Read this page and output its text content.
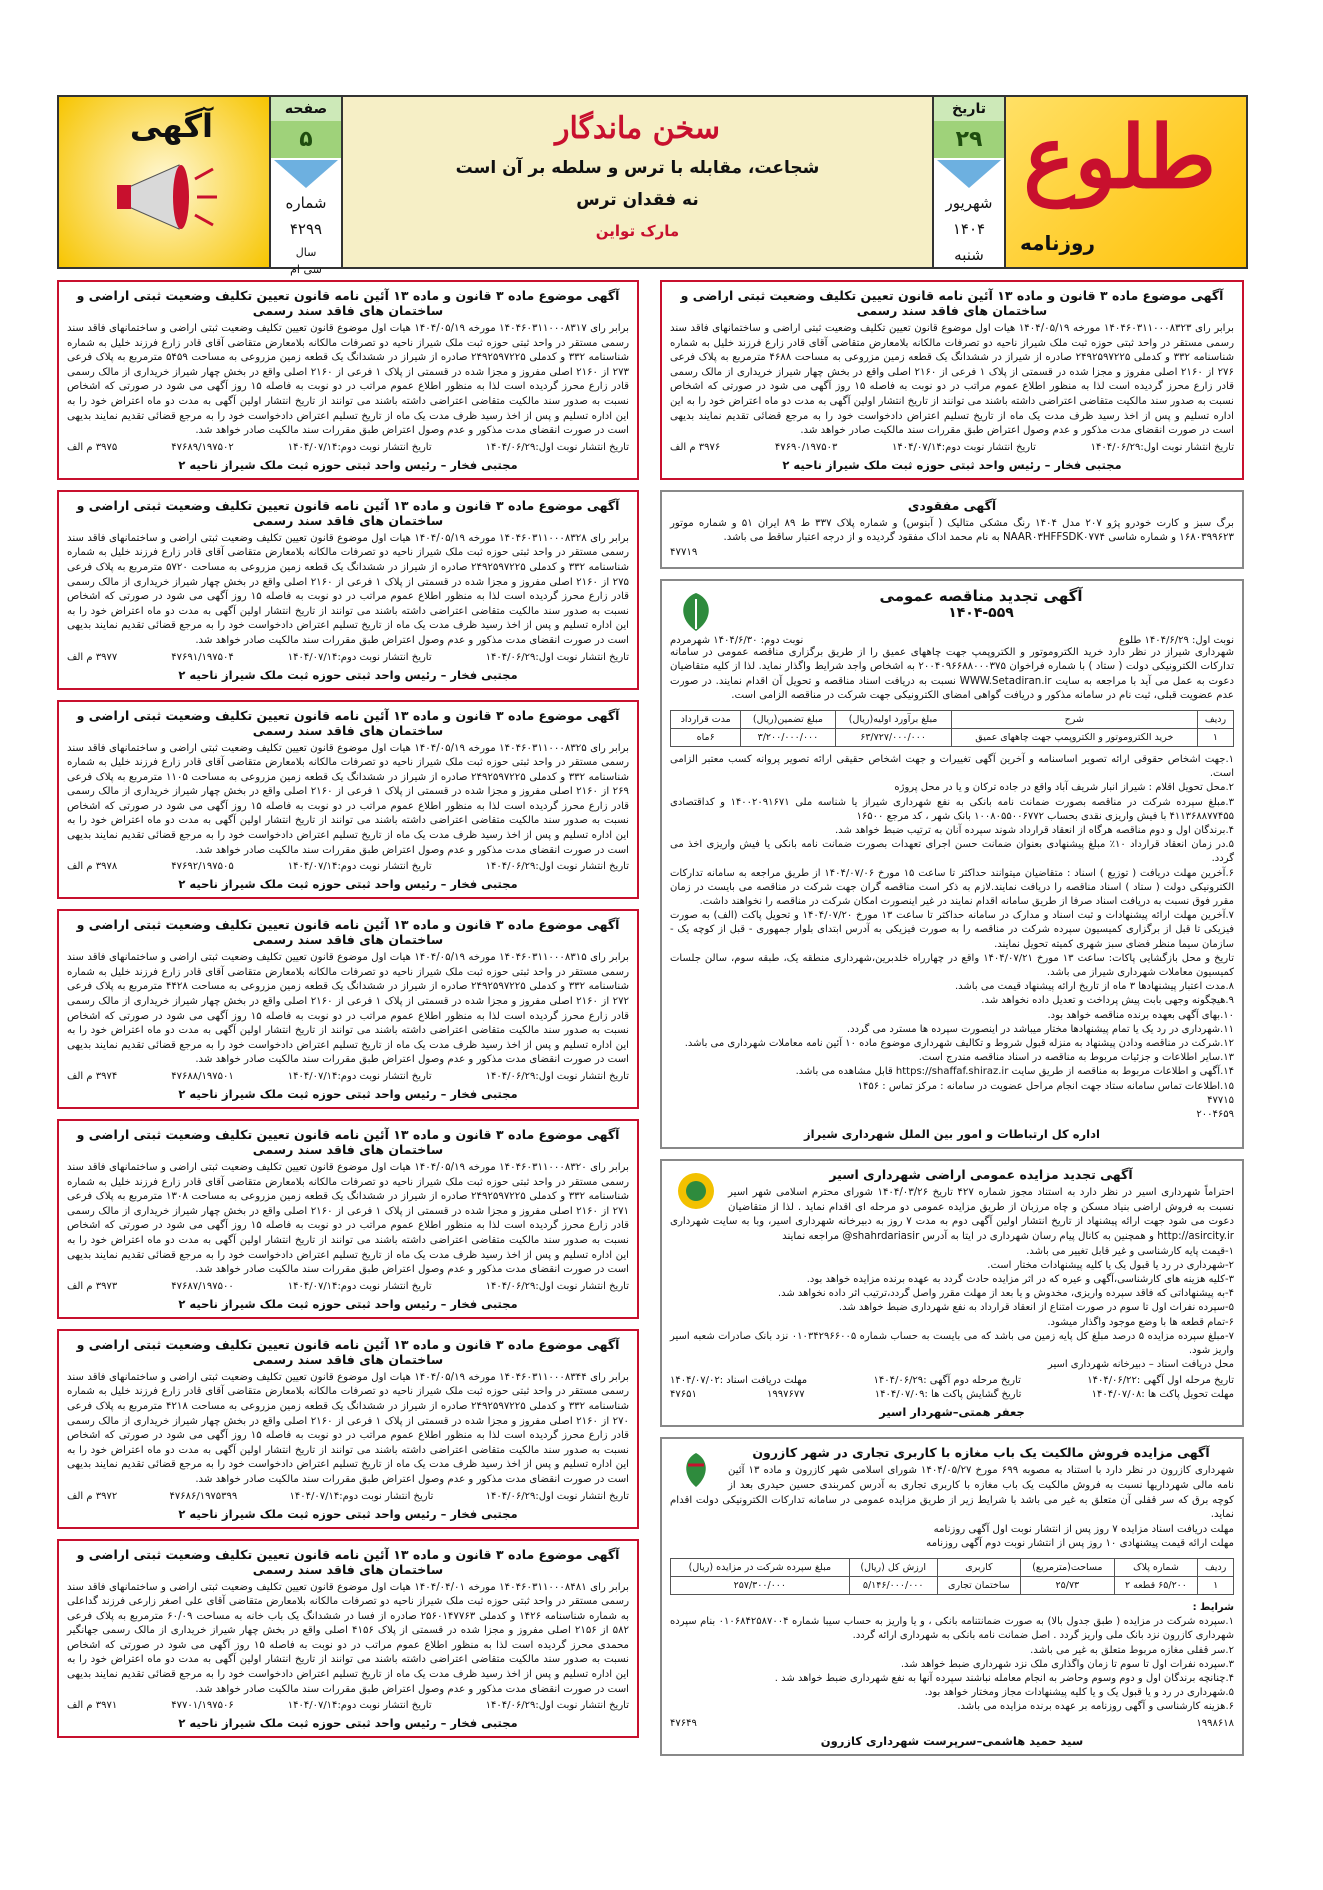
طلوع
روزنامه
تاریخ
۲۹
شهریور
۱۴۰۴
شنبه
سخن ماندگار
شجاعت، مقابله با ترس و سلطه بر آن است
نه فقدان ترس
مارک تواین
صفحه
۵
شماره
۴۲۹۹
سال
سی ام
آگهی
آگهی موضوع ماده ۳ قانون و ماده ۱۳ آئین نامه قانون تعیین تکلیف وضعیت ثبتی اراضی و ساختمان های فاقد سند رسمی
برابر رای ۱۴۰۴۶۰۳۱۱۰۰۰۸۳۱۷ مورخه ۱۴۰۴/۰۵/۱۹ هیات اول موضوع قانون تعیین تکلیف وضعیت ثبتی اراضی و ساختمانهای فاقد سند رسمی مستقر در واحد ثبتی حوزه ثبت ملک شیراز ناحیه دو تصرفات مالکانه بلامعارض متقاضی آقای قادر زارع فرزند خلیل به شماره شناسنامه ۳۳۲ و کدملی ۲۴۹۲۵۹۷۲۲۵ صادره از شیراز در ششدانگ یک قطعه زمین مزروعی به مساحت ۵۴۵۹ مترمربع به پلاک فرعی ۲۷۳ از ۲۱۶۰ اصلی مفروز و مجزا شده در قسمتی از پلاک ۱ فرعی از ۲۱۶۰ اصلی واقع در بخش چهار شیراز خریداری از مالک رسمی قادر زارع محرز گردیده است لذا به منظور اطلاع عموم مراتب در دو نوبت به فاصله ۱۵ روز آگهی می شود در صورتی که اشخاص نسبت به صدور سند مالکیت متقاضی اعتراضی داشته باشند می توانند از تاریخ انتشار اولین آگهی به مدت دو ماه اعتراض خود را به این اداره تسلیم و پس از اخذ رسید ظرف مدت یک ماه از تاریخ تسلیم اعتراض دادخواست خود را به مرجع قضائی تقدیم نمایند بدیهی است در صورت انقضای مدت مذکور و عدم وصول اعتراض طبق مقررات سند مالکیت صادر خواهد شد.
تاریخ انتشار نوبت اول:۱۴۰۴/۰۶/۲۹
تاریخ انتشار نوبت دوم:۱۴۰۴/۰۷/۱۴
۴۷۶۸۹/۱۹۷۵۰۲
۳۹۷۵ م الف
مجتبی فخار – رئیس واحد ثبتی حوزه ثبت ملک شیراز ناحیه ۲
آگهی موضوع ماده ۳ قانون و ماده ۱۳ آئین نامه قانون تعیین تکلیف وضعیت ثبتی اراضی و ساختمان های فاقد سند رسمی
برابر رای ۱۴۰۴۶۰۳۱۱۰۰۰۸۳۲۸ مورخه ۱۴۰۴/۰۵/۱۹ هیات اول موضوع قانون تعیین تکلیف وضعیت ثبتی اراضی و ساختمانهای فاقد سند رسمی مستقر در واحد ثبتی حوزه ثبت ملک شیراز ناحیه دو تصرفات مالکانه بلامعارض متقاضی آقای قادر زارع فرزند خلیل به شماره شناسنامه ۳۳۲ و کدملی ۲۴۹۲۵۹۷۲۲۵ صادره از شیراز در ششدانگ یک قطعه زمین مزروعی به مساحت ۵۷۲۰ مترمربع به پلاک فرعی ۲۷۵ از ۲۱۶۰ اصلی مفروز و مجزا شده در قسمتی از پلاک ۱ فرعی از ۲۱۶۰ اصلی واقع در بخش چهار شیراز خریداری از مالک رسمی قادر زارع محرز گردیده است لذا به منظور اطلاع عموم مراتب در دو نوبت به فاصله ۱۵ روز آگهی می شود در صورتی که اشخاص نسبت به صدور سند مالکیت متقاضی اعتراضی داشته باشند می توانند از تاریخ انتشار اولین آگهی به مدت دو ماه اعتراض خود را به این اداره تسلیم و پس از اخذ رسید ظرف مدت یک ماه از تاریخ تسلیم اعتراض دادخواست خود را به مرجع قضائی تقدیم نمایند بدیهی است در صورت انقضای مدت مذکور و عدم وصول اعتراض طبق مقررات سند مالکیت صادر خواهد شد.
تاریخ انتشار نوبت اول:۱۴۰۴/۰۶/۲۹
تاریخ انتشار نوبت دوم:۱۴۰۴/۰۷/۱۴
۴۷۶۹۱/۱۹۷۵۰۴
۳۹۷۷ م الف
مجتبی فخار – رئیس واحد ثبتی حوزه ثبت ملک شیراز ناحیه ۲
آگهی موضوع ماده ۳ قانون و ماده ۱۳ آئین نامه قانون تعیین تکلیف وضعیت ثبتی اراضی و ساختمان های فاقد سند رسمی
برابر رای ۱۴۰۴۶۰۳۱۱۰۰۰۸۳۲۵ مورخه ۱۴۰۴/۰۵/۱۹ هیات اول موضوع قانون تعیین تکلیف وضعیت ثبتی اراضی و ساختمانهای فاقد سند رسمی مستقر در واحد ثبتی حوزه ثبت ملک شیراز ناحیه دو تصرفات مالکانه بلامعارض متقاضی آقای قادر زارع فرزند خلیل به شماره شناسنامه ۳۳۲ و کدملی ۲۴۹۲۵۹۷۲۲۵ صادره از شیراز در ششدانگ یک قطعه زمین مزروعی به مساحت ۱۱۰۵ مترمربع به پلاک فرعی ۲۶۹ از ۲۱۶۰ اصلی مفروز و مجزا شده در قسمتی از پلاک ۱ فرعی از ۲۱۶۰ اصلی واقع در بخش چهار شیراز خریداری از مالک رسمی قادر زارع محرز گردیده است لذا به منظور اطلاع عموم مراتب در دو نوبت به فاصله ۱۵ روز آگهی می شود در صورتی که اشخاص نسبت به صدور سند مالکیت متقاضی اعتراضی داشته باشند می توانند از تاریخ انتشار اولین آگهی به مدت دو ماه اعتراض خود را به این اداره تسلیم و پس از اخذ رسید ظرف مدت یک ماه از تاریخ تسلیم اعتراض دادخواست خود را به مرجع قضائی تقدیم نمایند بدیهی است در صورت انقضای مدت مذکور و عدم وصول اعتراض طبق مقررات سند مالکیت صادر خواهد شد.
تاریخ انتشار نوبت اول:۱۴۰۴/۰۶/۲۹
تاریخ انتشار نوبت دوم:۱۴۰۴/۰۷/۱۴
۴۷۶۹۲/۱۹۷۵۰۵
۳۹۷۸ م الف
مجتبی فخار – رئیس واحد ثبتی حوزه ثبت ملک شیراز ناحیه ۲
آگهی موضوع ماده ۳ قانون و ماده ۱۳ آئین نامه قانون تعیین تکلیف وضعیت ثبتی اراضی و ساختمان های فاقد سند رسمی
برابر رای ۱۴۰۴۶۰۳۱۱۰۰۰۸۳۱۵ مورخه ۱۴۰۴/۰۵/۱۹ هیات اول موضوع قانون تعیین تکلیف وضعیت ثبتی اراضی و ساختمانهای فاقد سند رسمی مستقر در واحد ثبتی حوزه ثبت ملک شیراز ناحیه دو تصرفات مالکانه بلامعارض متقاضی آقای قادر زارع فرزند خلیل به شماره شناسنامه ۳۳۲ و کدملی ۲۴۹۲۵۹۷۲۲۵ صادره از شیراز در ششدانگ یک قطعه زمین مزروعی به مساحت ۴۴۲۸ مترمربع به پلاک فرعی ۲۷۲ از ۲۱۶۰ اصلی مفروز و مجزا شده در قسمتی از پلاک ۱ فرعی از ۲۱۶۰ اصلی واقع در بخش چهار شیراز خریداری از مالک رسمی قادر زارع محرز گردیده است لذا به منظور اطلاع عموم مراتب در دو نوبت به فاصله ۱۵ روز آگهی می شود در صورتی که اشخاص نسبت به صدور سند مالکیت متقاضی اعتراضی داشته باشند می توانند از تاریخ انتشار اولین آگهی به مدت دو ماه اعتراض خود را به این اداره تسلیم و پس از اخذ رسید ظرف مدت یک ماه از تاریخ تسلیم اعتراض دادخواست خود را به مرجع قضائی تقدیم نمایند بدیهی است در صورت انقضای مدت مذکور و عدم وصول اعتراض طبق مقررات سند مالکیت صادر خواهد شد.
تاریخ انتشار نوبت اول:۱۴۰۴/۰۶/۲۹
تاریخ انتشار نوبت دوم:۱۴۰۴/۰۷/۱۴
۴۷۶۸۸/۱۹۷۵۰۱
۳۹۷۴ م الف
مجتبی فخار – رئیس واحد ثبتی حوزه ثبت ملک شیراز ناحیه ۲
آگهی موضوع ماده ۳ قانون و ماده ۱۳ آئین نامه قانون تعیین تکلیف وضعیت ثبتی اراضی و ساختمان های فاقد سند رسمی
برابر رای ۱۴۰۴۶۰۳۱۱۰۰۰۸۳۲۰ مورخه ۱۴۰۴/۰۵/۱۹ هیات اول موضوع قانون تعیین تکلیف وضعیت ثبتی اراضی و ساختمانهای فاقد سند رسمی مستقر در واحد ثبتی حوزه ثبت ملک شیراز ناحیه دو تصرفات مالکانه بلامعارض متقاضی آقای قادر زارع فرزند خلیل به شماره شناسنامه ۳۳۲ و کدملی ۲۴۹۲۵۹۷۲۲۵ صادره از شیراز در ششدانگ یک قطعه زمین مزروعی به مساحت ۱۳۰۸ مترمربع به پلاک فرعی ۲۷۱ از ۲۱۶۰ اصلی مفروز و مجزا شده در قسمتی از پلاک ۱ فرعی از ۲۱۶۰ اصلی واقع در بخش چهار شیراز خریداری از مالک رسمی قادر زارع محرز گردیده است لذا به منظور اطلاع عموم مراتب در دو نوبت به فاصله ۱۵ روز آگهی می شود در صورتی که اشخاص نسبت به صدور سند مالکیت متقاضی اعتراضی داشته باشند می توانند از تاریخ انتشار اولین آگهی به مدت دو ماه اعتراض خود را به این اداره تسلیم و پس از اخذ رسید ظرف مدت یک ماه از تاریخ تسلیم اعتراض دادخواست خود را به مرجع قضائی تقدیم نمایند بدیهی است در صورت انقضای مدت مذکور و عدم وصول اعتراض طبق مقررات سند مالکیت صادر خواهد شد.
تاریخ انتشار نوبت اول:۱۴۰۴/۰۶/۲۹
تاریخ انتشار نوبت دوم:۱۴۰۴/۰۷/۱۴
۴۷۶۸۷/۱۹۷۵۰۰
۳۹۷۳ م الف
مجتبی فخار – رئیس واحد ثبتی حوزه ثبت ملک شیراز ناحیه ۲
آگهی موضوع ماده ۳ قانون و ماده ۱۳ آئین نامه قانون تعیین تکلیف وضعیت ثبتی اراضی و ساختمان های فاقد سند رسمی
برابر رای ۱۴۰۴۶۰۳۱۱۰۰۰۸۳۴۴ مورخه ۱۴۰۴/۰۵/۱۹ هیات اول موضوع قانون تعیین تکلیف وضعیت ثبتی اراضی و ساختمانهای فاقد سند رسمی مستقر در واحد ثبتی حوزه ثبت ملک شیراز ناحیه دو تصرفات مالکانه بلامعارض متقاضی آقای قادر زارع فرزند خلیل به شماره شناسنامه ۳۳۲ و کدملی ۲۴۹۲۵۹۷۲۲۵ صادره از شیراز در ششدانگ یک قطعه زمین مزروعی به مساحت ۴۲۱۸ مترمربع به پلاک فرعی ۲۷۰ از ۲۱۶۰ اصلی مفروز و مجزا شده در قسمتی از پلاک ۱ فرعی از ۲۱۶۰ اصلی واقع در بخش چهار شیراز خریداری از مالک رسمی قادر زارع محرز گردیده است لذا به منظور اطلاع عموم مراتب در دو نوبت به فاصله ۱۵ روز آگهی می شود در صورتی که اشخاص نسبت به صدور سند مالکیت متقاضی اعتراضی داشته باشند می توانند از تاریخ انتشار اولین آگهی به مدت دو ماه اعتراض خود را به این اداره تسلیم و پس از اخذ رسید ظرف مدت یک ماه از تاریخ تسلیم اعتراض دادخواست خود را به مرجع قضائی تقدیم نمایند بدیهی است در صورت انقضای مدت مذکور و عدم وصول اعتراض طبق مقررات سند مالکیت صادر خواهد شد.
تاریخ انتشار نوبت اول:۱۴۰۴/۰۶/۲۹
تاریخ انتشار نوبت دوم:۱۴۰۴/۰۷/۱۴
۴۷۶۸۶/۱۹۷۵۳۹۹
۳۹۷۲ م الف
مجتبی فخار – رئیس واحد ثبتی حوزه ثبت ملک شیراز ناحیه ۲
آگهی موضوع ماده ۳ قانون و ماده ۱۳ آئین نامه قانون تعیین تکلیف وضعیت ثبتی اراضی و ساختمان های فاقد سند رسمی
برابر رای ۱۴۰۴۶۰۳۱۱۰۰۰۸۴۸۱ مورخه ۱۴۰۴/۰۴/۰۱ هیات اول موضوع قانون تعیین تکلیف وضعیت ثبتی اراضی و ساختمانهای فاقد سند رسمی مستقر در واحد ثبتی حوزه ثبت ملک شیراز ناحیه دو تصرفات مالکانه بلامعارض متقاضی آقای علی اصغر زارعی فرزند گداعلی به شماره شناسنامه ۱۴۲۶ و کدملی ۲۵۶۰۱۴۷۷۶۳ صادره از فسا در ششدانگ یک باب خانه به مساحت ۶۰/۰۹ مترمربع به پلاک فرعی ۵۸۲ از ۲۱۵۶ اصلی مفروز و مجزا شده در قسمتی از پلاک ۴۱۵۶ اصلی واقع در بخش چهار شیراز خریداری از مالک رسمی جهانگیر محمدی محرز گردیده است لذا به منظور اطلاع عموم مراتب در دو نوبت به فاصله ۱۵ روز آگهی می شود در صورتی که اشخاص نسبت به صدور سند مالکیت متقاضی اعتراضی داشته باشند می توانند از تاریخ انتشار اولین آگهی به مدت دو ماه اعتراض خود را به این اداره تسلیم و پس از اخذ رسید ظرف مدت یک ماه از تاریخ تسلیم اعتراض دادخواست خود را به مرجع قضائی تقدیم نمایند بدیهی است در صورت انقضای مدت مذکور و عدم وصول اعتراض طبق مقررات سند مالکیت صادر خواهد شد.
تاریخ انتشار نوبت اول:۱۴۰۴/۰۶/۲۹
تاریخ انتشار نوبت دوم:۱۴۰۴/۰۷/۱۴
۴۷۷۰۱/۱۹۷۵۰۶
۳۹۷۱ م الف
مجتبی فخار – رئیس واحد ثبتی حوزه ثبت ملک شیراز ناحیه ۲
آگهی موضوع ماده ۳ قانون و ماده ۱۳ آئین نامه قانون تعیین تکلیف وضعیت ثبتی اراضی و ساختمان های فاقد سند رسمی
برابر رای ۱۴۰۴۶۰۳۱۱۰۰۰۸۳۲۳ مورخه ۱۴۰۴/۰۵/۱۹ هیات اول موضوع قانون تعیین تکلیف وضعیت ثبتی اراضی و ساختمانهای فاقد سند رسمی مستقر در واحد ثبتی حوزه ثبت ملک شیراز ناحیه دو تصرفات مالکانه بلامعارض متقاضی آقای قادر زارع فرزند خلیل به شماره شناسنامه ۳۳۲ و کدملی ۲۴۹۲۵۹۷۲۲۵ صادره از شیراز در ششدانگ یک قطعه زمین مزروعی به مساحت ۴۶۸۸ مترمربع به پلاک فرعی ۲۷۶ از ۲۱۶۰ اصلی مفروز و مجزا شده در قسمتی از پلاک ۱ فرعی از ۲۱۶۰ اصلی واقع در بخش چهار شیراز خریداری از مالک رسمی قادر زارع محرز گردیده است لذا به منظور اطلاع عموم مراتب در دو نوبت به فاصله ۱۵ روز آگهی می شود در صورتی که اشخاص نسبت به صدور سند مالکیت متقاضی اعتراضی داشته باشند می توانند از تاریخ انتشار اولین آگهی به مدت دو ماه اعتراض خود را به این اداره تسلیم و پس از اخذ رسید ظرف مدت یک ماه از تاریخ تسلیم اعتراض دادخواست خود را به مرجع قضائی تقدیم نمایند بدیهی است در صورت انقضای مدت مذکور و عدم وصول اعتراض طبق مقررات سند مالکیت صادر خواهد شد.
تاریخ انتشار نوبت اول:۱۴۰۴/۰۶/۲۹
تاریخ انتشار نوبت دوم:۱۴۰۴/۰۷/۱۴
۴۷۶۹۰/۱۹۷۵۰۳
۳۹۷۶ م الف
مجتبی فخار – رئیس واحد ثبتی حوزه ثبت ملک شیراز ناحیه ۲
آگهی مفقودی
برگ سبز و کارت خودرو پژو ۲۰۷ مدل ۱۴۰۴ رنگ مشکی متالیک ( آبنوس) و شماره پلاک ۳۳۷ ط ۸۹ ایران ۵۱ و شماره موتور ۱۶۸۰۳۹۹۶۲۳ و شماره شاسی NAAR۰۳HFFSDK۰۷۷۴ به نام محمد اداک مفقود گردیده و از درجه اعتبار ساقط می باشد.
۴۷۷۱۹
آگهی تجدید مناقصه عمومی
۱۴۰۴-۵۵۹
نوبت اول: ۱۴۰۴/۶/۲۹ طلوع
نوبت دوم: ۱۴۰۴/۶/۳۰ شهرمردم
شهرداری شیراز در نظر دارد خرید الکتروموتور و الکتروپمپ جهت چاههای عمیق را از طریق برگزاری مناقصه عمومی در سامانه تدارکات الکترونیکی دولت ( ستاد ) با شماره فراخوان ۲۰۰۴۰۹۶۶۸۸۰۰۰۳۷۵ به اشخاص واجد شرایط واگذار نماید. لذا از کلیه متقاضیان دعوت به عمل می آید با مراجعه به سایت WWW.Setadiran.ir نسبت به دریافت اسناد مناقصه و تحویل آن اقدام نمایند. در صورت عدم عضویت قبلی، ثبت نام در سامانه مذکور و دریافت گواهی امضای الکترونیکی جهت شرکت در مناقصه الزامی است.
ردیف	شرح	مبلغ برآورد اولیه(ریال)	مبلغ تضمین(ریال)	مدت قرارداد
۱	خرید الکتروموتور و الکتروپمپ جهت چاههای عمیق	۶۳/۷۲۷/۰۰۰/۰۰۰	۳/۲۰۰/۰۰۰/۰۰۰	۶ماه
۱.جهت اشخاص حقوقی ارائه تصویر اساسنامه و آخرین آگهی تغییرات و جهت اشخاص حقیقی ارائه تصویر پروانه کسب معتبر الزامی است.
۲.محل تحویل اقلام : شیراز انبار شریف آباد واقع در جاده ترکان و یا در محل پروژه
۳.مبلغ سپرده شرکت در مناقصه بصورت ضمانت نامه بانکی به نفع شهرداری شیراز یا شناسه ملی ۱۴۰۰۲۰۹۱۶۷۱ و کداقتصادی ۴۱۱۳۶۸۸۷۷۴۵۵ با فیش واریزی نقدی بحساب ۱۰۰۸۰۵۵۰۰۶۷۷۲ بانک شهر ، کد مرجع ۱۶۵۰۰
۴.برندگان اول و دوم مناقصه هرگاه از انعقاد قرارداد شوند سپرده آنان به ترتیب ضبط خواهد شد.
۵.در زمان انعقاد قرارداد ۱۰٪ مبلغ پیشنهادی بعنوان ضمانت حسن اجرای تعهدات بصورت ضمانت نامه بانکی یا فیش واریزی اخذ می گردد.
۶.آخرین مهلت دریافت ( توزیع ) اسناد : متقاضیان میتوانند حداکثر تا ساعت ۱۵ مورخ ۱۴۰۴/۰۷/۰۶ از طریق مراجعه به سامانه تدارکات الکترونیکی دولت ( ستاد ) اسناد مناقصه را دریافت نمایند.لازم به ذکر است مناقصه گران جهت شرکت در مناقصه می بایست در زمان مقرر فوق نسبت به دریافت اسناد صرفا از طریق سامانه اقدام نمایند در غیر اینصورت امکان شرکت در مناقصه را نخواهند داشت.
۷.آخرین مهلت ارائه پیشنهادات و ثبت اسناد و مدارک در سامانه حداکثر تا ساعت ۱۳ مورخ ۱۴۰۴/۰۷/۲۰ و تحویل پاکت (الف) به صورت فیزیکی تا قبل از برگزاری کمیسیون سپرده شرکت در مناقصه را به صورت فیزیکی به آدرس ابتدای بلوار جمهوری - قبل از کوچه یک - سازمان سیما منظر فضای سبز شهری کمیته تحویل نمایند.
تاریخ و محل بازگشایی پاکات: ساعت ۱۳ مورخ ۱۴۰۴/۰۷/۲۱ واقع در چهارراه خلدبرین،شهرداری منطقه یک، طبقه سوم، سالن جلسات کمیسیون معاملات شهرداری شیراز می باشد.
۸.مدت اعتبار پیشنهادها ۳ ماه از تاریخ ارائه پیشنهاد قیمت می باشد.
۹.هیچگونه وجهی بابت پیش پرداخت و تعدیل داده نخواهد شد.
۱۰.بهای آگهی بعهده برنده مناقصه خواهد بود.
۱۱.شهرداری در رد یک یا تمام پیشنهادها مختار میباشد در اینصورت سپرده ها مسترد می گردد.
۱۲.شرکت در مناقصه ودادن پیشنهاد به منزله قبول شروط و تکالیف شهرداری موضوع ماده ۱۰ آئین نامه معاملات شهرداری می باشد.
۱۳.سایر اطلاعات و جزئیات مربوط به مناقصه در اسناد مناقصه مندرج است.
۱۴.آگهی و اطلاعات مربوط به مناقصه از طریق سایت https://shaffaf.shiraz.ir قابل مشاهده می باشد.
۱۵.اطلاعات تماس سامانه ستاد جهت انجام مراحل عضویت در سامانه : مرکز تماس : ۱۴۵۶
۴۷۷۱۵
۲۰۰۴۶۵۹
اداره کل ارتباطات و امور بین الملل شهرداری شیراز
آگهی تجدید مزایده عمومی اراضی شهرداری اسیر
احتراماً شهرداری اسیر در نظر دارد به استناد مجوز شماره ۴۲۷ تاریخ ۱۴۰۴/۰۳/۲۶ شورای محترم اسلامی شهر اسیر نسبت به فروش اراضی بنیاد مسکن و چاه مرزبان از طریق مزایده عمومی دو مرحله ای اقدام نماید . لذا از متقاضیان دعوت می شود جهت ارائه پیشنهاد از تاریخ انتشار اولین آگهی دوم به مدت ۷ روز به دبیرخانه شهرداری اسیر، وبا به سایت شهرداری http://asircity.ir و همچنین به کانال پیام رسان شهرداری در ایتا به آدرس shahrdariasir@ مراجعه نمایند
۱-قیمت پایه کارشناسی و غیر قابل تغییر می باشد.
۲-شهرداری در رد یا قبول یک یا کلیه پیشنهادات مختار است.
۳-کلیه هزینه های کارشناسی،آگهی و عیره که در اثر مزایده حادث گردد به عهده برنده مزایده خواهد بود.
۴-به پیشنهاداتی که فاقد سپرده واریزی، مخدوش و یا بعد از مهلت مقرر واصل گردد،ترتیب اثر داده نخواهد شد.
۵-سپرده نفرات اول تا سوم در صورت امتناع از انعقاد قرارداد به نفع شهرداری ضبط خواهد شد.
۶-تمام قطعه ها با وضع موجود واگذار میشود.
۷-مبلغ سپرده مزایده ۵ درصد مبلغ کل پایه زمین می باشد که می بایست به حساب شماره ۰۱۰۳۴۲۹۶۶۰۰۵ نزد بانک صادرات شعبه اسیر واریز شود.
محل دریافت اسناد – دبیرخانه شهرداری اسیر
تاریخ مرحله اول آگهی :۱۴۰۴/۰۶/۲۲
تاریخ مرحله دوم آگهی :۱۴۰۴/۰۶/۲۹
مهلت دریافت اسناد :۱۴۰۴/۰۷/۰۲
مهلت تحویل پاکت ها :۱۴۰۴/۰۷/۰۸
تاریخ گشایش پاکت ها :۱۴۰۴/۰۷/۰۹
۱۹۹۷۶۷۷
۴۷۶۵۱
جعفر همتی–شهردار اسیر
آگهی مزایده فروش مالکیت یک باب مغازه با کاربری تجاری در شهر کازرون
شهرداری کازرون در نظر دارد با استناد به مصوبه ۶۹۹ مورخ ۱۴۰۴/۰۵/۲۷ شورای اسلامی شهر کازرون و ماده ۱۳ آئین نامه مالی شهرداریها نسبت به فروش مالکیت یک باب مغازه با کاربری تجاری به آدرس کمربندی حسین حیدری بعد از کوچه برق که سر قفلی آن متعلق به غیر می باشد با شرایط زیر از طریق مزایده عمومی در سامانه تدارکات الکترونیکی دولت اقدام نماید.
مهلت دریافت اسناد مزایده ۷ روز پس از انتشار نوبت اول آگهی روزنامه
مهلت ارائه قیمت پیشنهادی ۱۰ روز پس از انتشار نوبت دوم آگهی روزنامه
ردیف	شماره پلاک	مساحت(مترمربع)	کاربری	ارزش کل (ریال)	مبلغ سپرده شرکت در مزایده (ریال)
۱	۶۵/۲۰۰ قطعه ۲	۲۵/۷۳	ساختمان تجاری	۵/۱۴۶/۰۰۰/۰۰۰	۲۵۷/۳۰۰/۰۰۰
شرایط :
۱.سپرده شرکت در مزایده ( طبق جدول بالا) به صورت ضمانتنامه بانکی ، و یا واریز به حساب سیبا شماره ۰۱۰۶۸۴۲۵۸۷۰۰۴ بنام سپرده شهرداری کازرون نزد بانک ملی واریز گردد . اصل ضمانت نامه بانکی به شهرداری ارائه گردد.
۲.سر قفلی مغازه مربوط متعلق به غیر می باشد.
۳.سپرده نفرات اول تا سوم تا زمان واگذاری ملک نزد شهرداری ضبط خواهد شد.
۴.چنانچه برندگان اول و دوم وسوم وحاضر به انجام معامله نباشند سپرده آنها به نفع شهرداری ضبط خواهد شد .
۵.شهرداری در رد و یا قبول یک و یا کلیه پیشنهادات مجاز ومختار خواهد بود.
۶.هزینه کارشناسی و آگهی روزنامه بر عهده برنده مزایده می باشد.
۱۹۹۸۶۱۸
۴۷۶۴۹
سید حمید هاشمی–سرپرست شهرداری کازرون
